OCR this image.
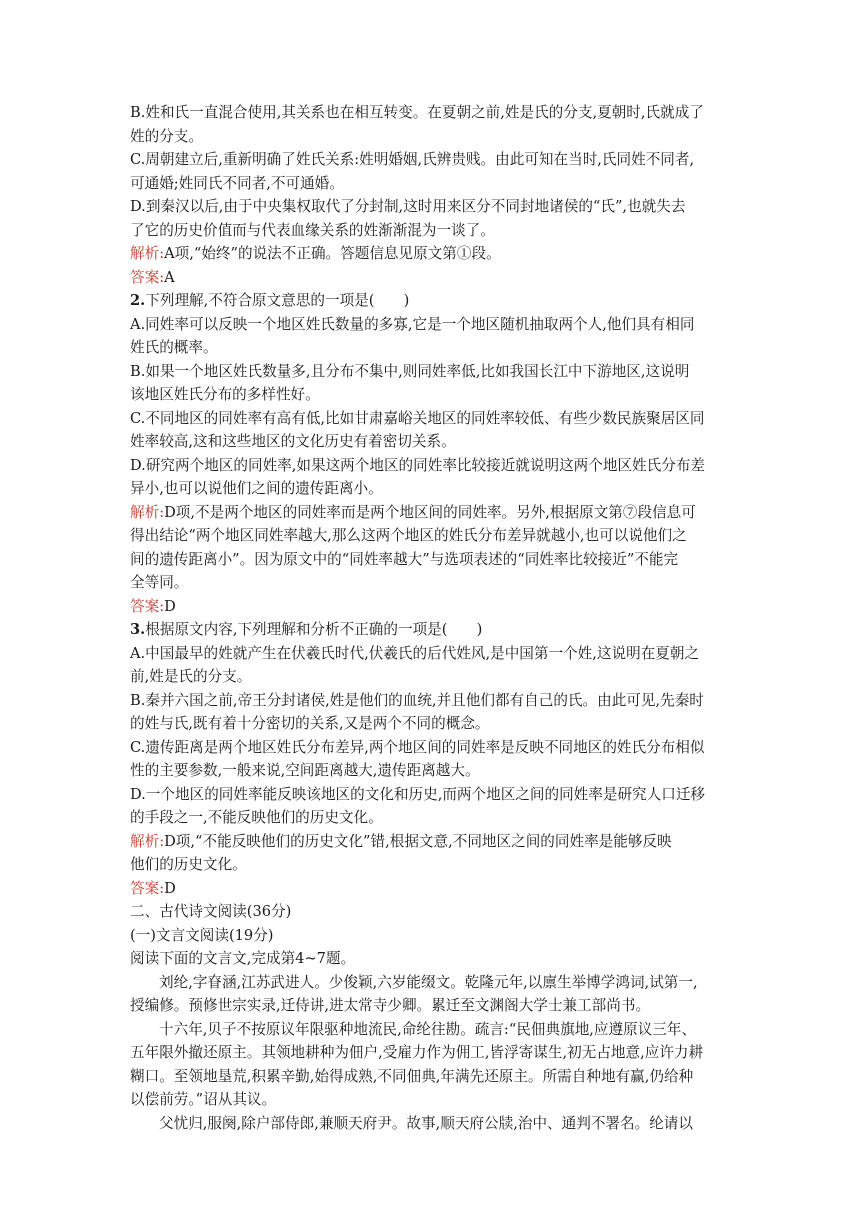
B.姓和氏一直混合使用,其关系也在相互转变。在夏朝之前,姓是氏的分支,夏朝时,氏就成了
姓的分支。
C.周朝建立后,重新明确了姓氏关系:姓明婚姻,氏辨贵贱。由此可知在当时,氏同姓不同者,
可通婚;姓同氏不同者,不可通婚。
D.到秦汉以后,由于中央集权取代了分封制,这时用来区分不同封地诸侯的“氏”,也就失去
了它的历史价值而与代表血缘关系的姓渐渐混为一谈了。
解析:A项,“始终”的说法不正确。答题信息见原文第①段。
答案:A
2.下列理解,不符合原文意思的一项是(　　)
A.同姓率可以反映一个地区姓氏数量的多寡,它是一个地区随机抽取两个人,他们具有相同
姓氏的概率。
B.如果一个地区姓氏数量多,且分布不集中,则同姓率低,比如我国长江中下游地区,这说明
该地区姓氏分布的多样性好。
C.不同地区的同姓率有高有低,比如甘肃嘉峪关地区的同姓率较低、有些少数民族聚居区同
姓率较高,这和这些地区的文化历史有着密切关系。
D.研究两个地区的同姓率,如果这两个地区的同姓率比较接近就说明这两个地区姓氏分布差
异小,也可以说他们之间的遗传距离小。
解析:D项,不是两个地区的同姓率而是两个地区间的同姓率。另外,根据原文第⑦段信息可
得出结论“两个地区同姓率越大,那么这两个地区的姓氏分布差异就越小,也可以说他们之
间的遗传距离小”。因为原文中的“同姓率越大”与选项表述的“同姓率比较接近”不能完
全等同。
答案:D
3.根据原文内容,下列理解和分析不正确的一项是(　　)
A.中国最早的姓就产生在伏羲氏时代,伏羲氏的后代姓风,是中国第一个姓,这说明在夏朝之
前,姓是氏的分支。
B.秦并六国之前,帝王分封诸侯,姓是他们的血统,并且他们都有自己的氏。由此可见,先秦时
的姓与氏,既有着十分密切的关系,又是两个不同的概念。
C.遗传距离是两个地区姓氏分布差异,两个地区间的同姓率是反映不同地区的姓氏分布相似
性的主要参数,一般来说,空间距离越大,遗传距离越大。
D.一个地区的同姓率能反映该地区的文化和历史,而两个地区之间的同姓率是研究人口迁移
的手段之一,不能反映他们的历史文化。
解析:D项,“不能反映他们的历史文化”错,根据文意,不同地区之间的同姓率是能够反映
他们的历史文化。
答案:D
二、古代诗文阅读(36分)
(一)文言文阅读(19分)
阅读下面的文言文,完成第4~7题。
刘纶,字眘涵,江苏武进人。少俊颖,六岁能缀文。乾隆元年,以廪生举博学鸿词,试第一,
授编修。预修世宗实录,迁侍讲,进太常寺少卿。累迁至文渊阁大学士兼工部尚书。
十六年,贝子不按原议年限驱种地流民,命纶往勘。疏言:“民佃典旗地,应遵原议三年、
五年限外撤还原主。其领地耕种为佃户,受雇力作为佣工,皆浮寄谋生,初无占地意,应许力耕
糊口。至领地垦荒,积累辛勤,始得成熟,不同佃典,年满先还原主。所需自种地有赢,仍给种
以偿前劳。”诏从其议。
父忧归,服阕,除户部侍郎,兼顺天府尹。故事,顺天府公牍,治中、通判不署名。纶请以
